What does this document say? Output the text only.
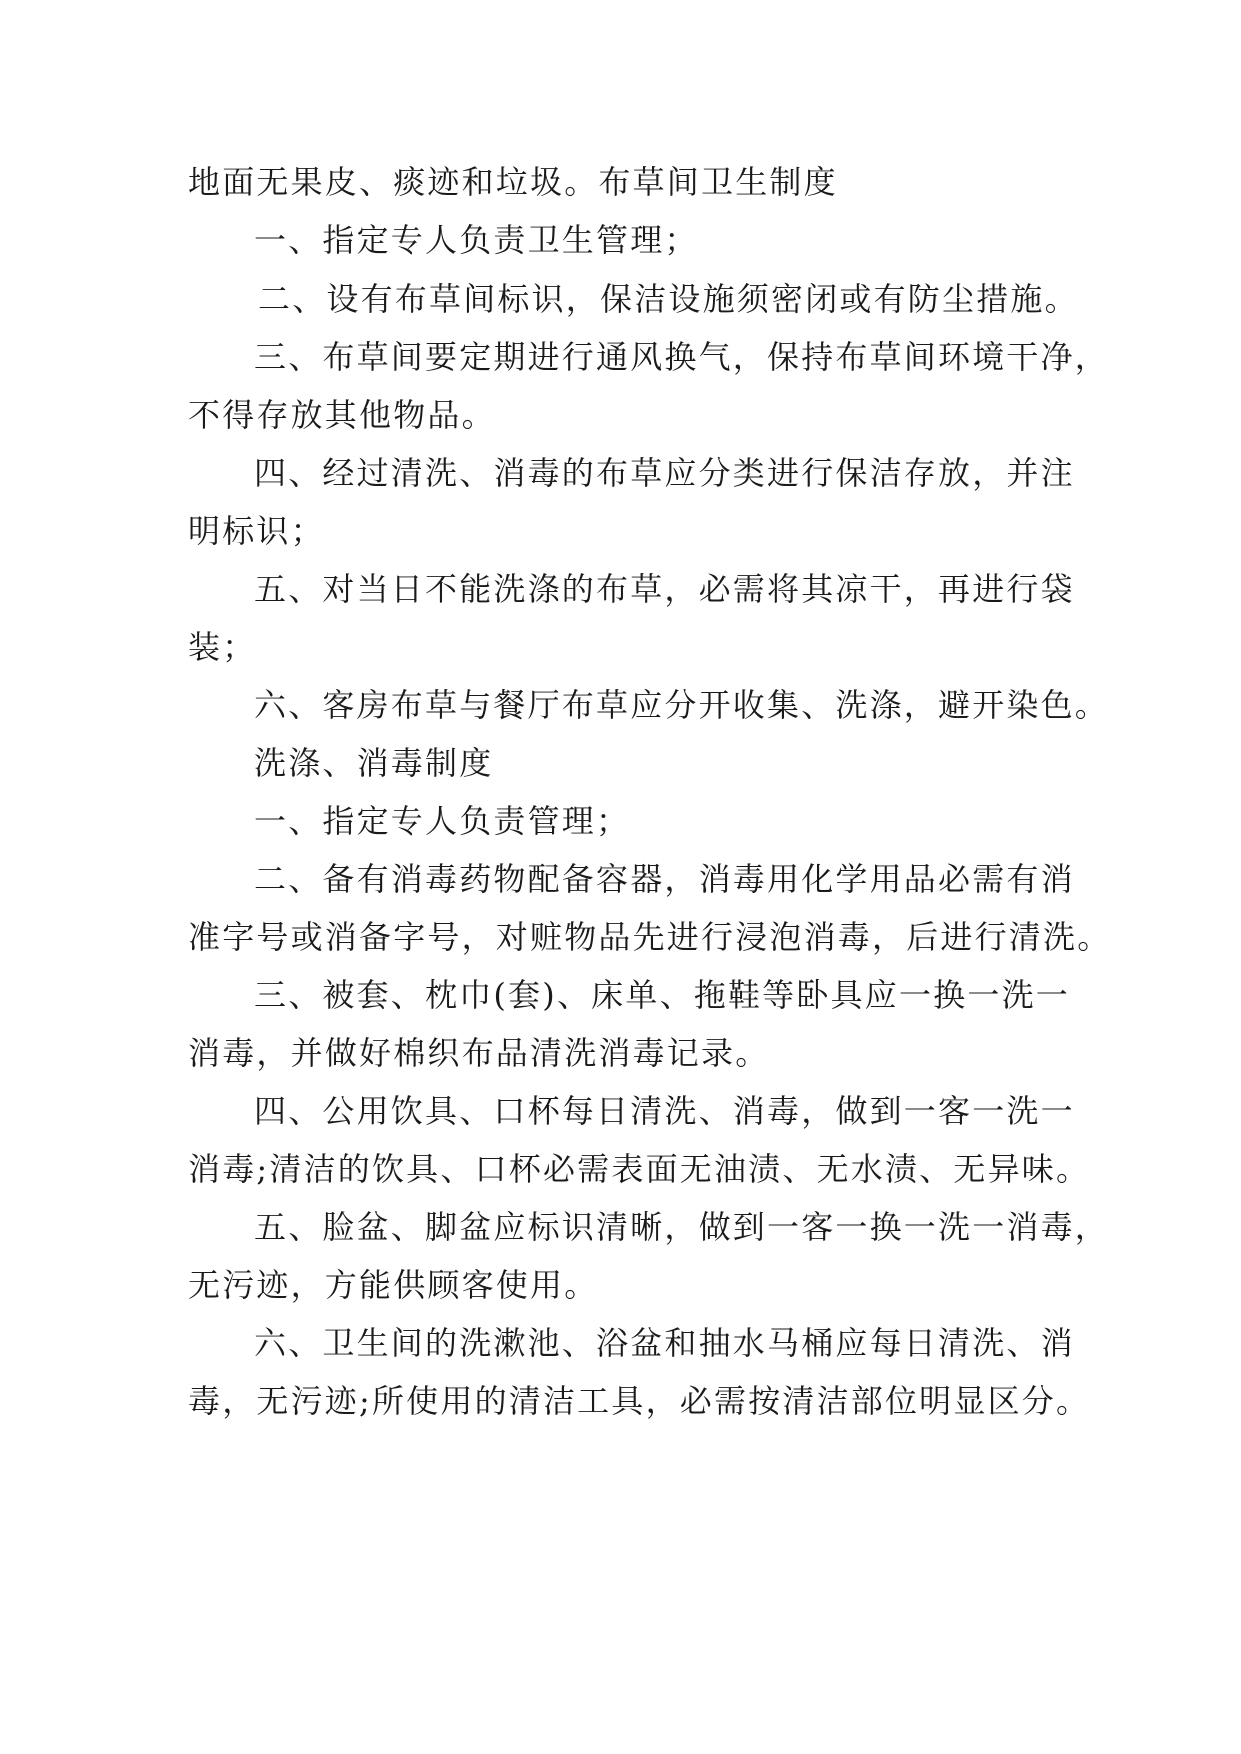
地面无果皮、痰迹和垃圾。布草间卫生制度
一、指定专人负责卫生管理；
二、设有布草间标识，保洁设施须密闭或有防尘措施。
三、布草间要定期进行通风换气，保持布草间环境干净，
不得存放其他物品。
四、经过清洗、消毒的布草应分类进行保洁存放，并注
明标识；
五、对当日不能洗涤的布草，必需将其凉干，再进行袋
装；
六、客房布草与餐厅布草应分开收集、洗涤，避开染色。
洗涤、消毒制度
一、指定专人负责管理；
二、备有消毒药物配备容器，消毒用化学用品必需有消
准字号或消备字号，对赃物品先进行浸泡消毒，后进行清洗。
三、被套、枕巾(套)、床单、拖鞋等卧具应一换一洗一
消毒，并做好棉织布品清洗消毒记录。
四、公用饮具、口杯每日清洗、消毒，做到一客一洗一
消毒;清洁的饮具、口杯必需表面无油渍、无水渍、无异味。
五、脸盆、脚盆应标识清晰，做到一客一换一洗一消毒，
无污迹，方能供顾客使用。
六、卫生间的洗漱池、浴盆和抽水马桶应每日清洗、消
毒，无污迹;所使用的清洁工具，必需按清洁部位明显区分。
